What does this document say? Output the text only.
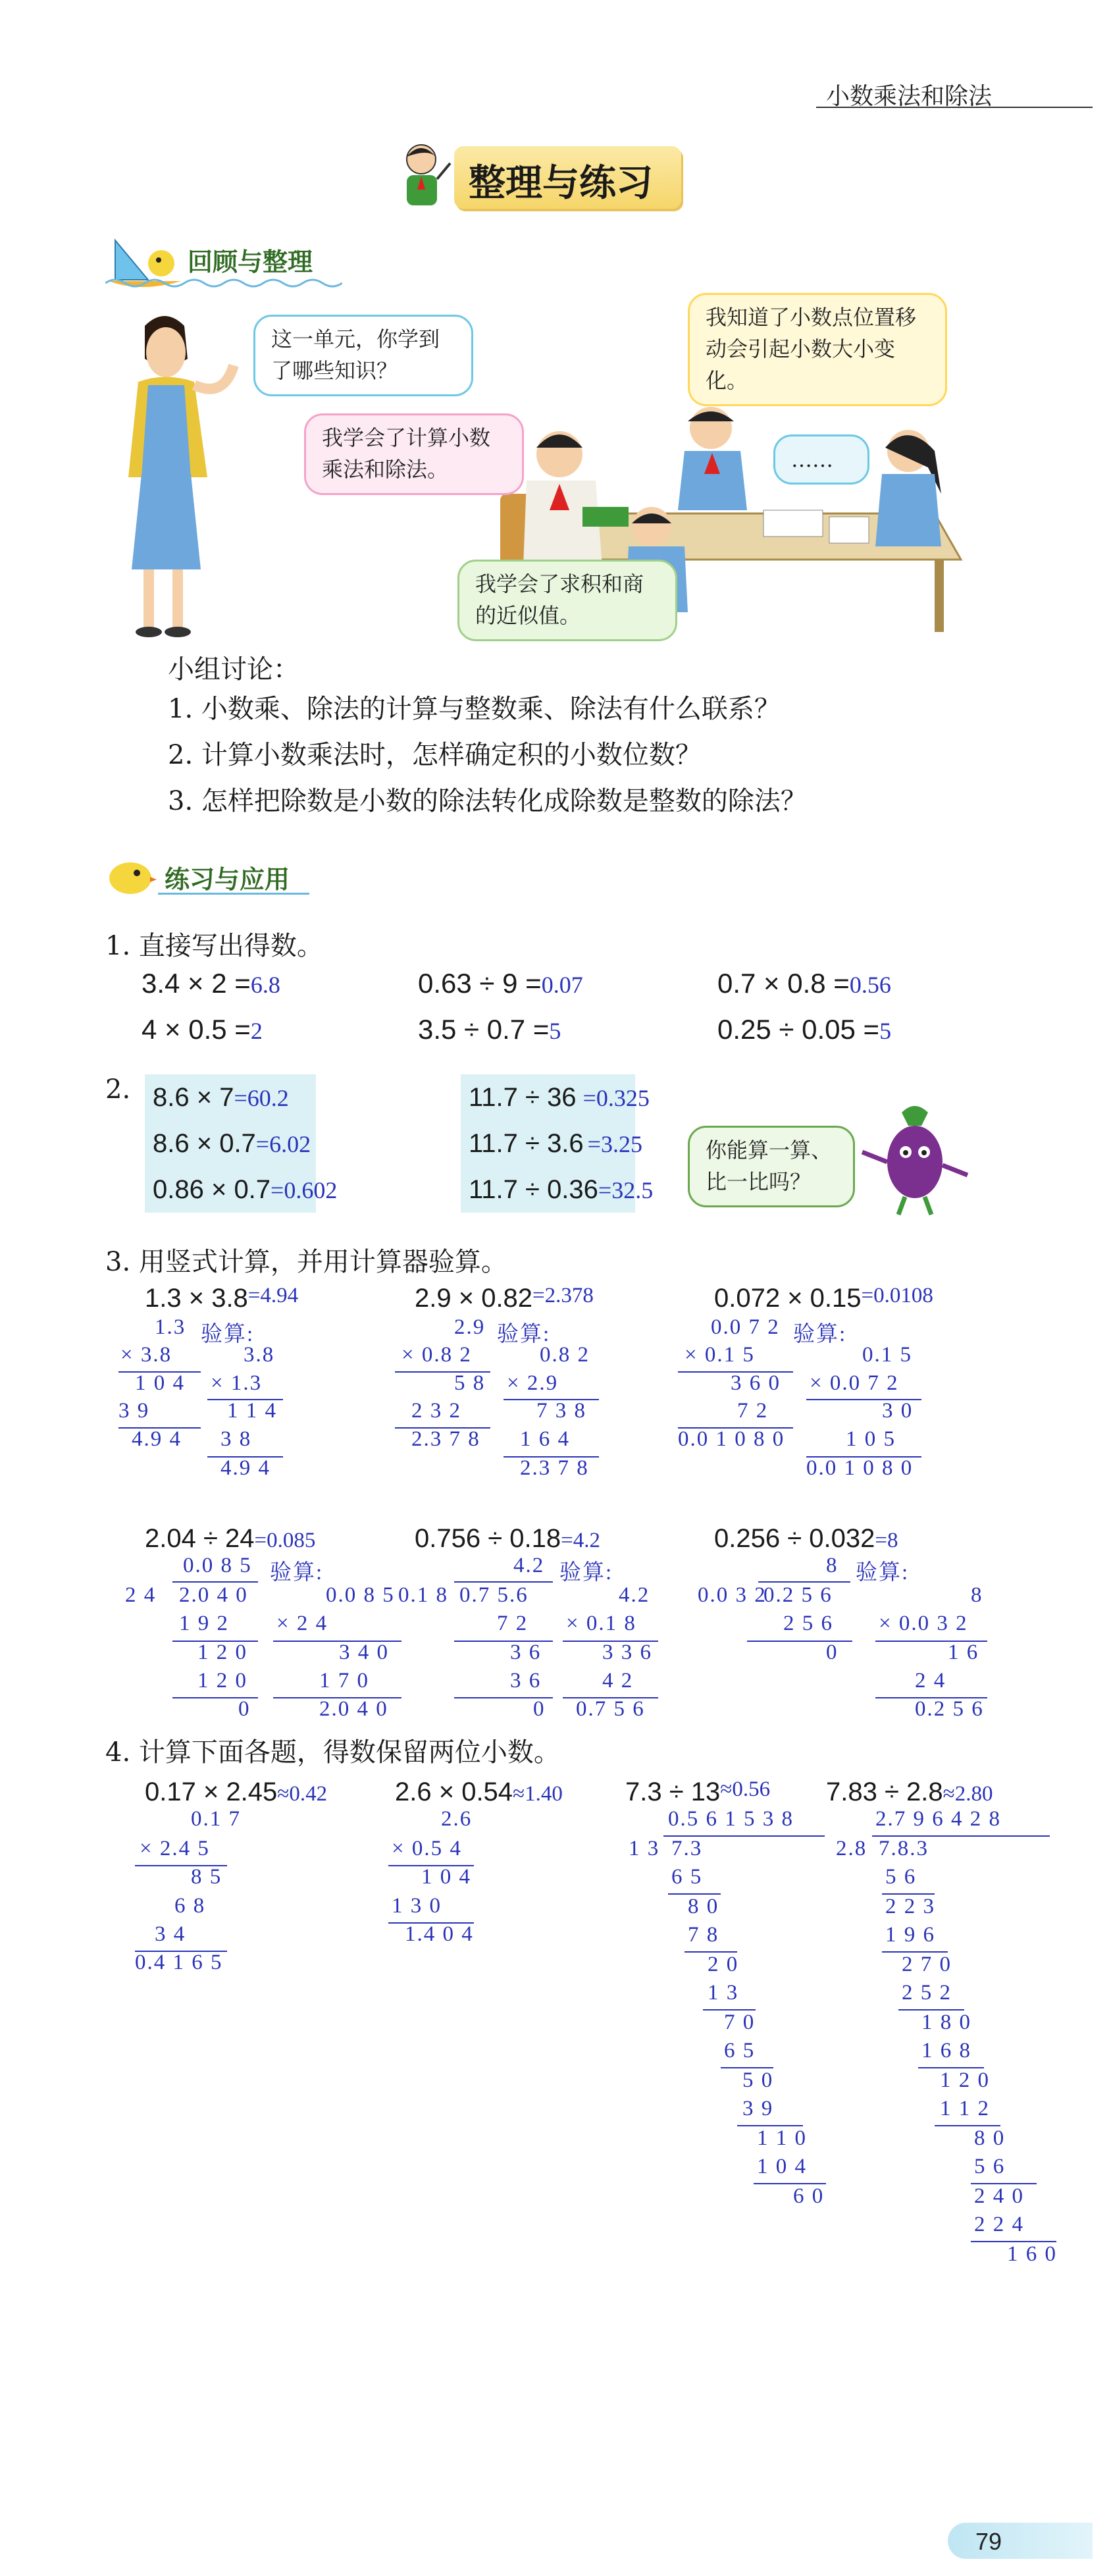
小数乘法和除法
整理与练习
回顾与整理
这一单元，你学到了哪些知识？
我学会了计算小数乘法和除法。
我知道了小数点位置移动会引起小数大小变化。
……
我学会了求积和商的近似值。
小组讨论：
1. 小数乘、除法的计算与整数乘、除法有什么联系？
2. 计算小数乘法时，怎样确定积的小数位数？
3. 怎样把除数是小数的除法转化成除数是整数的除法？
练习与应用
1. 直接写出得数。
3.4 × 2 =6.8	0.63 ÷ 9 =0.07	0.7 × 0.8 =0.56
4 × 0.5 =2	3.5 ÷ 0.7 =5	0.25 ÷ 0.05 =5
2. 8.6 × 7=60.2
8.6 × 0.7=6.02
0.86 × 0.7=0.602
11.7 ÷ 36 =0.325
11.7 ÷ 3.6 =3.25
11.7 ÷ 0.36=32.5
你能算一算、比一比吗？
3. 用竖式计算，并用计算器验算。
$1.3 \times 3.8^{=4.94}$	$2.9 \times 0.82^{=2.378}$	$0.072 \times 0.15^{=0.0108}$
1.3 验算:
× 3.8
1 0 4
3 9
4.9 4
3.8
× 1.3
1 1 4
3 8
4.9 4
2.9 验算:
× 0.8 2
5 8
2 3 2
2.3 7 8
0.8 2
× 2.9
7 3 8
1 6 4
2.3 7 8
0.0 7 2 验算:
× 0.1 5
3 6 0
7 2
0.0 1 0 8 0
0.1 5
× 0.0 7 2
3 0
1 0 5
0.0 1 0 8 0
2.04 ÷ 24=0.085	0.756 ÷ 0.18=4.2	0.256 ÷ 0.032=8
0.0 8 5 验算:
2 4 2.0 4 0
1 9 2
1 2 0
1 2 0
0
0.0 8 5
× 2 4
3 4 0
1 7 0
2.0 4 0
4.2 验算:
0.1 8 0.7 5.6
7 2
3 6
3 6
0
4.2
× 0.1 8
3 3 6
4 2
0.7 5 6
8 验算:
0.0 3 2
0.2 5 6
2 5 6
0
8
× 0.0 3 2
1 6
2 4
0.2 5 6
4. 计算下面各题，得数保留两位小数。
0.17 × 2.45≈0.42	2.6 × 0.54≈1.40 $7.3 \div 13^{\approx 0.56}$ 7.83 ÷ 2.8≈2.80
0.1 7
× 2.4 5
8 5
6 8
3 4
0.4 1 6 5
2.6
× 0.5 4
1 0 4
1 3 0
1.4 0 4
0.5 6 1 5 3 8
1 3 7.3
6 5
8 0
7 8
2 0
1 3
7 0
6 5
5 0
3 9
1 1 0
1 0 4
6 0
2.7 9 6 4 2 8
2.8 7.8.3
5 6
2 2 3
1 9 6
2 7 0
2 5 2
1 8 0
1 6 8
1 2 0
1 1 2
8 0
5 6
2 4 0
2 2 4
1 6 0
79
